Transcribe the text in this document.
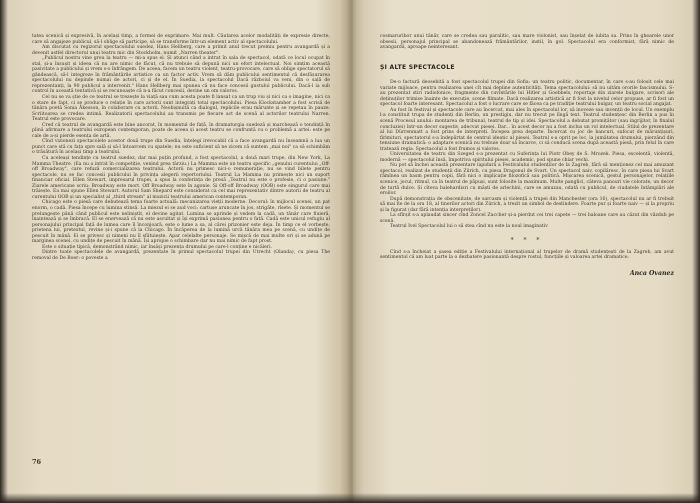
tatea scenică și expresivă, în același timp, a formei de exprimare. Mai mult. Căutarea acelor modalități de expresie directe, care să angajeze publicul, să-l oblige să participe, să se transforme într-un element activ al spectacolului.

Am discutat cu regizorul spectacolului suedez, Hans Hellberg, care a primit anul trecut premiu pentru avangardă și a devenit astfel directorul unui teatru mic din Stockholm, numit „Narren theater".

„Publicul nostru vine greu la teatru — mi-a spus el. Și atunci când a intrat în sala de spectacol, odată ce locul ocupat în stal, și-a însușit și ideea că nu are nimic de făcut, că nu trebuie să depună nici un efort intelectual. Noi simțim această pasivitate a publicului și vrem s-o înfrângem. De aceea, facem un teatru violent, teatru-provocare, care să oblige spectatorul să gândească, să-l integreze în frământările artistice ca un factor activ. Vrem să dăm publicului sentimentul că desfășurarea spectacolului nu depinde numai de actori, ci și de el. În Suedia, la spectacolul Dacă războiul va veni, din o sală de reprezentanți, la 90 publicul a intervenit." Hans Hellberg mai spunea că nu face concesii gustului publicului. Dacă-l ia sub control în această tentativă și se recunoaște că n-a făcut concesii, devine un om valoros.

Cel nu se va știe de ce teatrul se trezește la viață sau cum acesta poate fi lansat ca un trup viu și nici ca o imagine, nici ca o stare de fapt, ci se produce o relație în care actorii sunt integrați total spectacolului. Piesa Klockstamher a fost scrisă de tânăra poetă Sonia Åkesson, în colaborare cu actorii. Neobișnuită ca dialogul, replicile erau mărunte și se repetau în pauze. Scriitoarea se credea intimă. Realizatorii spectacolului au transmis pe fiecare act de scenă al actorilor teatrului Narren. Teatrul este provocare.

Cred că teatrul de avangardă este bine ancorat, în momentul de față, în dramaturgia suedeză și marchează o tendință în plină afirmare a teatrului european contemporan, poate de aceea și acest teatru se confruntă cu o problemă a artei: este pe cale de a-și pierde esența de artă.

Cînd vizionezi spectacolele acestor două trupe din Suedia, înțelegi irevocabil că a face avangardă nu înseamnă a lua un punct care stă cu fața spre sală și să-l întoarcem cu spatele; nu este suficient să ne zicem că suntem „mai noi" ca să schimbăm o trăsătură în același timp a teatrului.

Cu aceleași tendințe cu teatrul suedez, dar mai puțin profund, a fost spectacolul, a două mari trupe, din New York, La Mamma Theatre. (Ea nu a intrat în competiție, venind prea târziu.) La Mamma este un teatru specific „genului curentului „Off-off Broadway", care refuză comercializarea teatrului. Actorii nu primesc nici-o remunerație, nu se vind bilete pentru spectacole, nu se fac concesii publicului în privința alegerii repertoriului. Teatrul La Mamma nu primește nici un suport financiar oficial. Ellen Stewart, impresarul trupei, a spus la conferința de presă „Teatrul nu este o profesie, ci o pasiune." Ziarele americane scriu: Broadway este mort. Off Broadway este în agonie. Și Off-off Broadway (OOB) este singurul care mai trăiește. Ea mai spune Ellen Stewart. Autorul Sam Shepard este considerat ca cel mai reprezentativ dintre autorii de teatru al curentului OOB și un specialist al „third stream" al muzicii teatrului american contemporan.

Chicago este o piesă care debutează tema foarte actuală: mecanizarea vieții moderne. Decorul: în mijlocul scenei, un pat enorm, o cadă. Piesa începe cu lumina stinsă. La miezul ei se aud voci: cartușe aruncate în jos, strigăte, rîsete. Și momentul se prelungește până când publicul este neliniștit, el devine agitat. Lumina se aprinde și vedem la cadă, un tânăr care fluieră, înaintează și se îmbracă. El se enervează că nu este ascultat și își exprimă pasiunea pentru o fată. Cadă este unicul refugiu al personajului principal față de lumea care îl înconjoară, este o lume a sa, al cărei prizonier este deja. În timp ce el vorbește, prietena lui, pretextul, revine și-i spune că la Chicago. În încăperea de la lumină urcă tânăra mea pe scenă, cu undițe de pescuit în mână. Ei se privesc și nimeni nu îl sfătuiește. Apar celelalte personaje. Se mișcă de mai multe ori și se adună pe marginea scenei, cu undițe de pescuit în mână. Își apropie o schimbare dar nu mai nimic de fapt prost.

Este o situație tipică, demonstrând nimic, iar însăși prezența drumului pe care-l conține e nicăieri.

Dintre toate spectacolele de avangardă, prezentate în primul spectacolul trupei din Utrecht (Olanda), cu piesa The removal de De Boer: o poveste a

76

cosmaruribor unui tânăr, care se credea sau paralitic, sau mare violonist, sau înșelat de iubita sa. Prins în ghearele unor obsesii, personajul principal se abandonează frământărilor, instil, în gol. Spectacolul era conformist, fără nimic de avangardă, aproape neinteresant.

ȘI ALTE SPECTACOLE

De-o factură deosebită a fost spectacolul trupei din Sofia: un teatru politic, documentar, în care s-au folosit cele mai variate mijloace, pentru realizarea unei cît mai depline autenticități. Tema spectacolului: să nu uităm ororile fascismului. S-au prezentat stiri radiofonice, fragmente din cuvîntările lui Hitler și Goebbels, reportaje din ziarele bulgare, scrisori ale deținuților trimise înainte de execuție, scene filmate. Dacă realizarea artistică ar fi fost la nivelul celor propuse, ar fi fost un spectacol foarte interesant. Spectacolul a fost o lucrare care se făcea ca pe tradiție teatrului bulgar, un teatru social angajat.

Au fost în festival și spectacole care au încercat, mai ales în spectacolul lor, să inoveze sau invenții de locul. Un exemplu l-a constituit trupa de studenți din Berlin, un prestigiu, dar nu trecut pe lîngă text. Teatrul studențesc din Berlin a pus în scenă Procesul anului: montarea de tribunal, teatrul de tip și idei. Spectacolul a debutat promițător (sau ingrijitor, în finalul concluziei) într-un decor sugestiv, adecvat piesei. Dar... în acest decor nu a fost inclus un rol intelectual. Stilul de prezentare al lui Dürrenmatt a fost prins de interpreți. Începea prea departe. Încercat cu joc de bancuri, sufocat de mărunțișuri, firimituri, spectatorul s-a îndepărtat de centrul ideatic al piesei. Teatrul s-a oprit pe loc, la jumătatea drumului, pierzând din tensiune dramatică: o adaptare scenică nu trebuie doar să încarce, ci să conducă scena după această piesă, prin felul în care tratează regia. Spectacolul a fost frumos și valoros.

Universitatea de teatru din Szeged s-a prezentat cu Suferința lui Piotr Obey de S. Mrozek. Piesa, excelentă, violentă, modernă — spectacolul însă, împotriva spiritului piesei, academic, pod spune chiar vechi.

Nu pot să închei această prezentare lapidară a Festivalului studenților de la Zagreb, fără să menționez cel mai amuzant spectacol, realizat de studenții din Zürich, cu piesa Dragonul de Svart. Un spectacol naiv, copilăresc, în care piesa lui Svart rămînea un basm pentru copii, fără nici o implicație filozofică sau politică. Mișcarea scenică, gestul personajelor, relațiile scenice, jocul, ritmul, ca în teatrul de păpuși, sunt folosite la maximum. Multe panglici, câteva panouri vie colorate, un decor de turtă dulce. Și cîteva balehardisri cu măști de arlechini, care se amuzau, odată cu publicul, de ciudatele întâmplări ale eroilor.

După demonstrația de obscenitate, de sarcasm și violență a trupei din Manchester (ora 16), spectacolul nu ar fi trebuit să mai fie de la ora 18, al tinerilor actori din Zürich, a trezit un simbol de destindere. Foarte pur și foarte naiv — și la propriu și la figurat (dar fără intenția interpreților).

La sfîrșit s-a aplaudat sincer cînd Zoncel Zuccher și-a pierdut cei trei capete — trei baloane care au căzut din văzduh pe scenă.

Teatrul Ivel Spectacolul lui o să stea cînd nu este la noul imaginativ

* * *

Cînd s-a încheiat a șasea ediție a Festivalului internațional al trupelor de dramă studențești de la Zagreb, am avut sentimentul că am luat parte la o dezbatere pasionantă despre rostul, funcțiile și valoarea artei dramatice.

Anca Ovanez
